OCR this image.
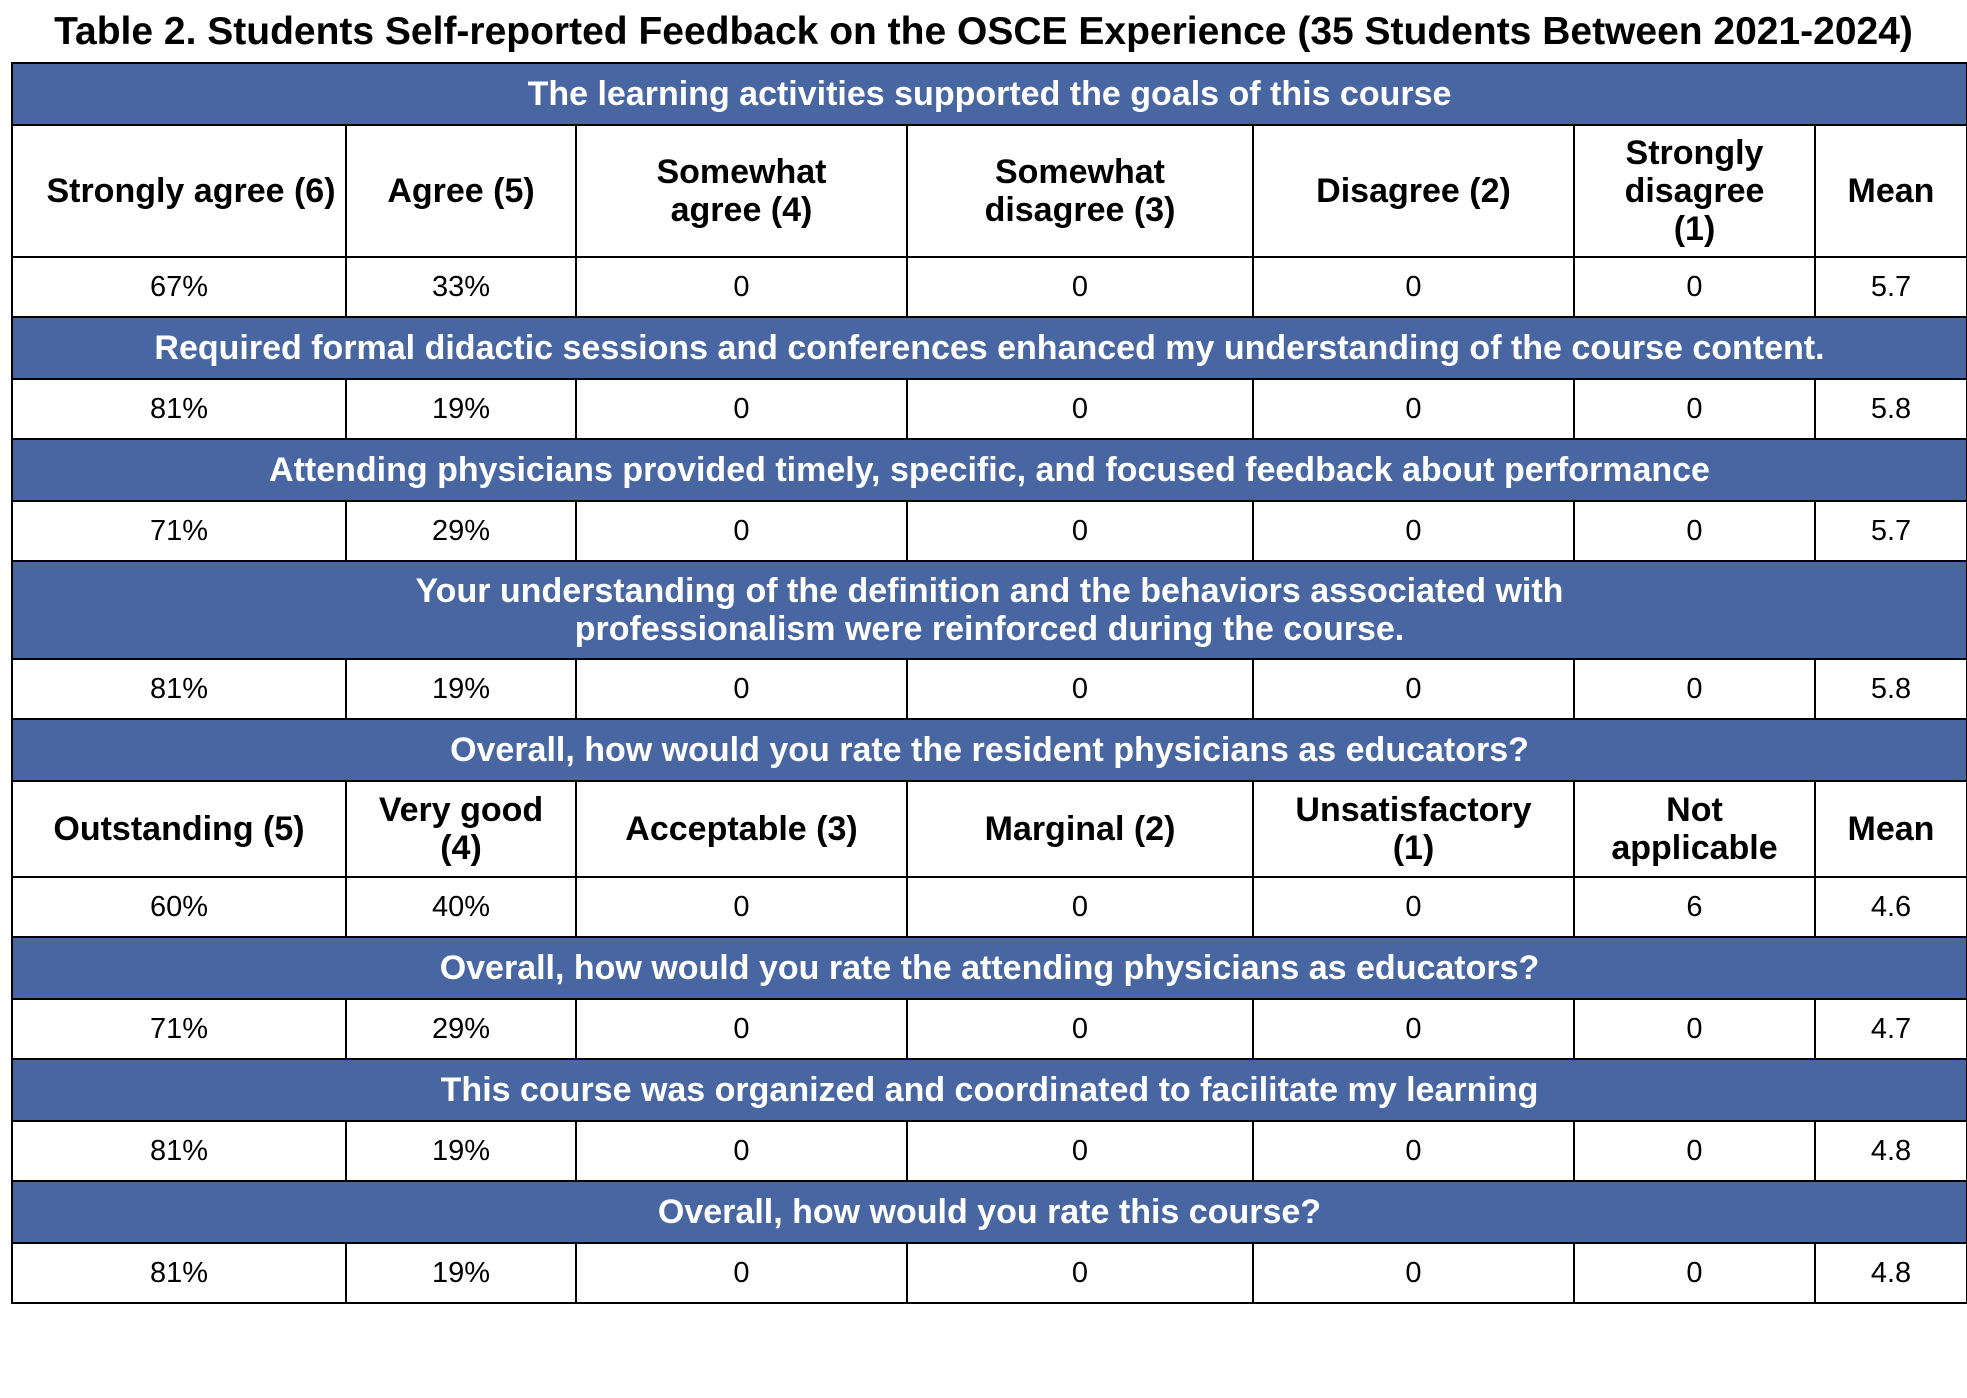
Table 2. Students Self-reported Feedback on the OSCE Experience (35 Students Between 2021-2024)
The learning activities supported the goals of this course						
Strongly agree (6)	Agree (5)	Somewhat agree (4)	Somewhat disagree (3)	Disagree (2)	Strongly disagree (1)	Mean
67%	33%	0	0	0	0	5.7
Required formal didactic sessions and conferences enhanced my understanding of the course content.						
81%	19%	0	0	0	0	5.8
Attending physicians provided timely, specific, and focused feedback about performance						
71%	29%	0	0	0	0	5.7
Your understanding of the definition and the behaviors associated with professionalism were reinforced during the course.						
81%	19%	0	0	0	0	5.8
Overall, how would you rate the resident physicians as educators?						
Outstanding (5)	Very good (4)	Acceptable (3)	Marginal (2)	Unsatisfactory (1)	Not applicable	Mean
60%	40%	0	0	0	6	4.6
Overall, how would you rate the attending physicians as educators?						
71%	29%	0	0	0	0	4.7
This course was organized and coordinated to facilitate my learning						
81%	19%	0	0	0	0	4.8
Overall, how would you rate this course?						
81%	19%	0	0	0	0	4.8
